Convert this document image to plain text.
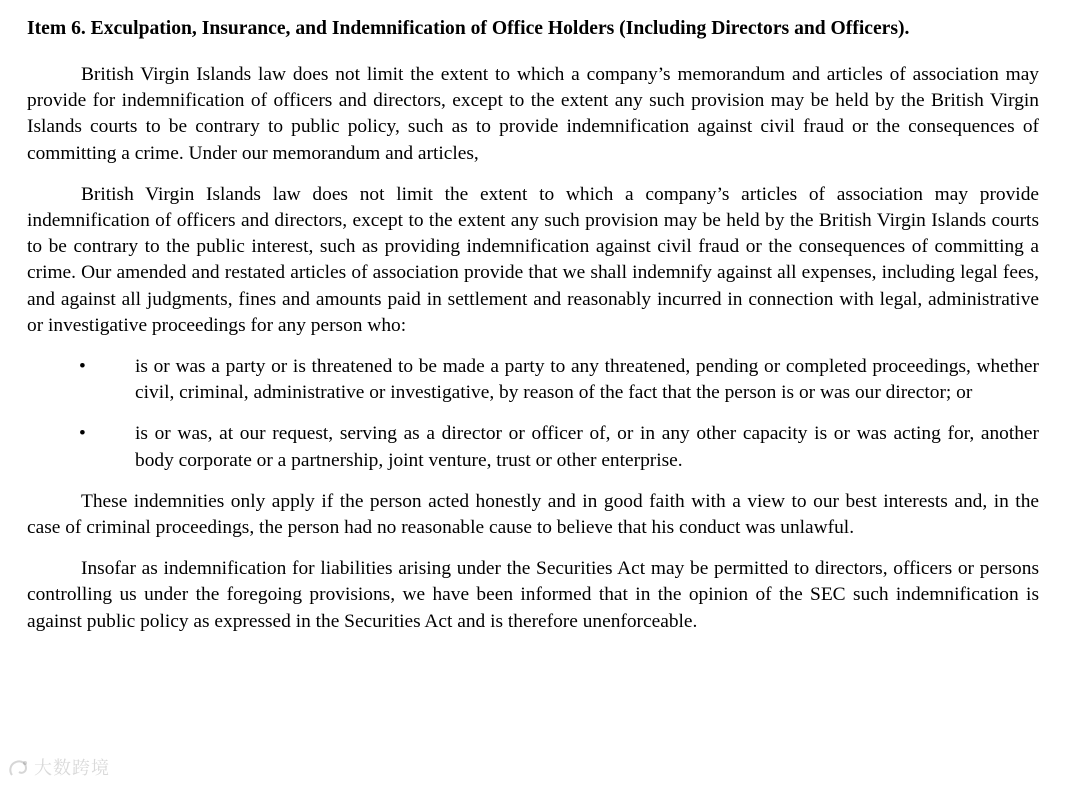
Item 6. Exculpation, Insurance, and Indemnification of Office Holders (Including Directors and Officers).

British Virgin Islands law does not limit the extent to which a company’s memorandum and articles of association may provide for indemnification of officers and directors, except to the extent any such provision may be held by the British Virgin Islands courts to be contrary to public policy, such as to provide indemnification against civil fraud or the consequences of committing a crime. Under our memorandum and articles,

British Virgin Islands law does not limit the extent to which a company’s articles of association may provide indemnification of officers and directors, except to the extent any such provision may be held by the British Virgin Islands courts to be contrary to the public interest, such as providing indemnification against civil fraud or the consequences of committing a crime. Our amended and restated articles of association provide that we shall indemnify against all expenses, including legal fees, and against all judgments, fines and amounts paid in settlement and reasonably incurred in connection with legal, administrative or investigative proceedings for any person who:

•	is or was a party or is threatened to be made a party to any threatened, pending or completed proceedings, whether civil, criminal, administrative or investigative, by reason of the fact that the person is or was our director; or
•	is or was, at our request, serving as a director or officer of, or in any other capacity is or was acting for, another body corporate or a partnership, joint venture, trust or other enterprise.

These indemnities only apply if the person acted honestly and in good faith with a view to our best interests and, in the case of criminal proceedings, the person had no reasonable cause to believe that his conduct was unlawful.

Insofar as indemnification for liabilities arising under the Securities Act may be permitted to directors, officers or persons controlling us under the foregoing provisions, we have been informed that in the opinion of the SEC such indemnification is against public policy as expressed in the Securities Act and is therefore unenforceable.

大数跨境
